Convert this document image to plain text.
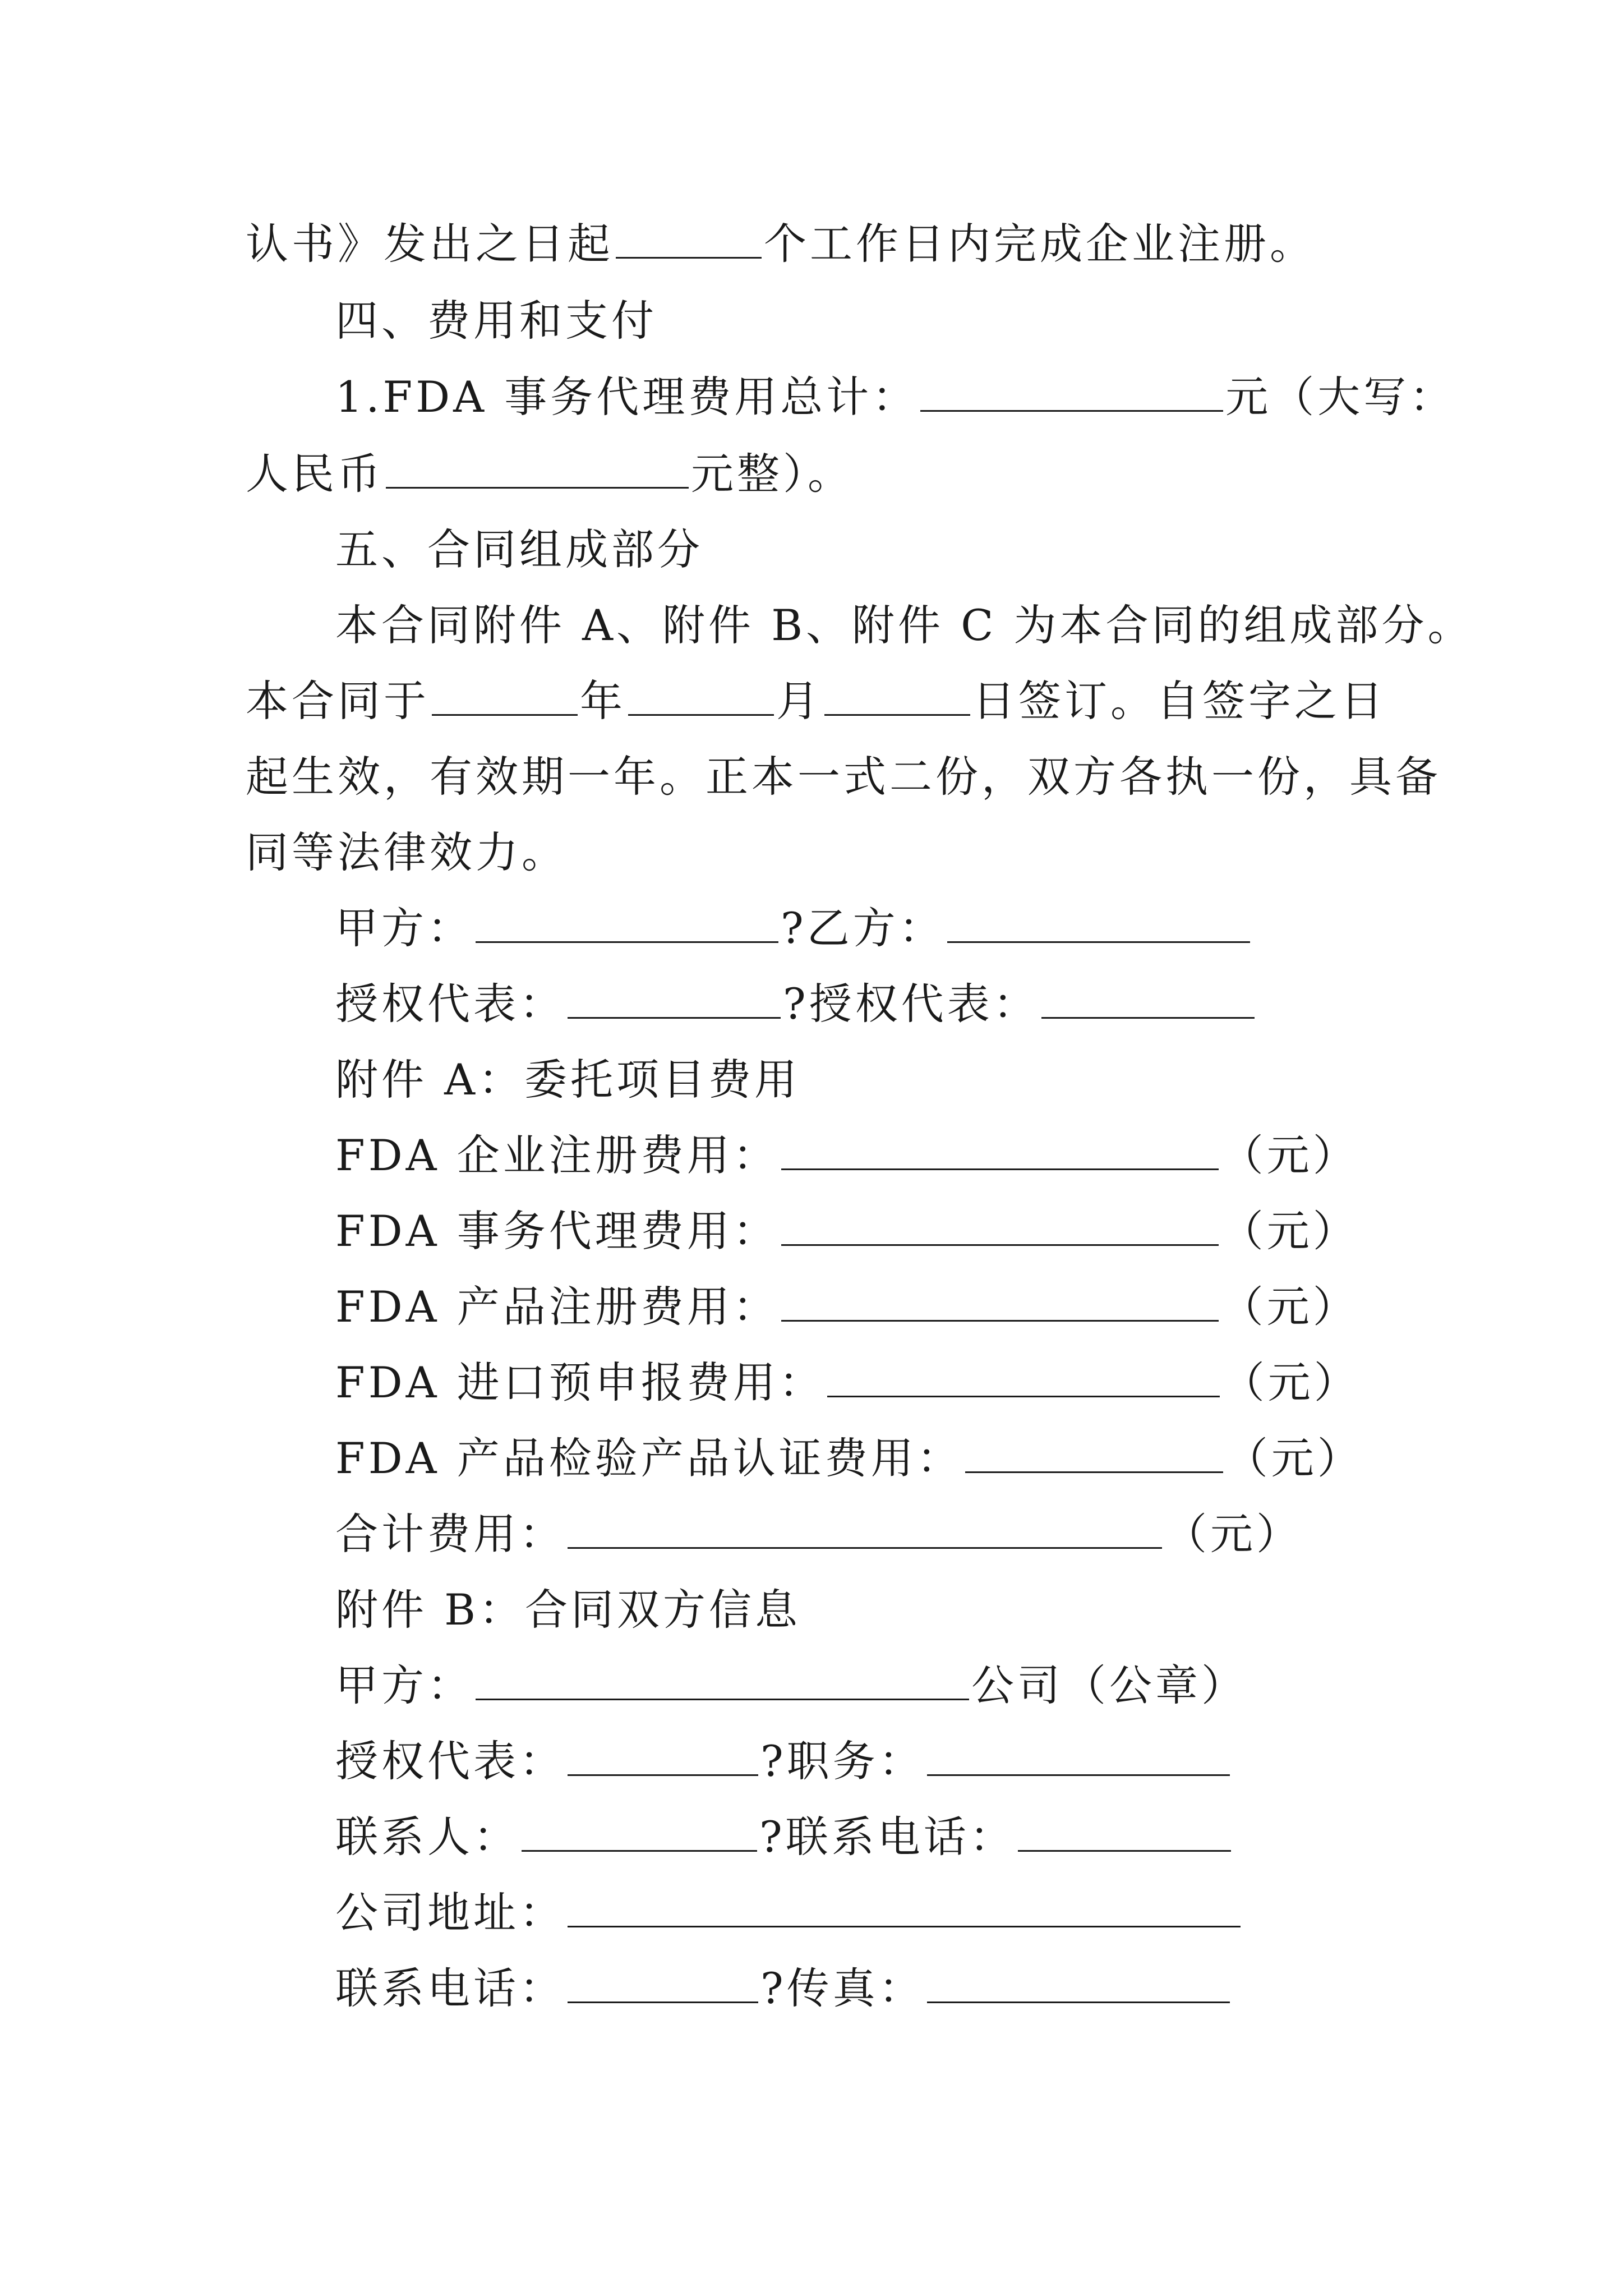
认书》发出之日起	个工作日内完成企业注册。
四、费用和支付
1.FDA 事务代理费用总计：	元（大写：
人民币	元整）。
五、合同组成部分
本合同附件 A、附件 B、附件 C 为本合同的组成部分。
本合同于	年	月	日签订。自签字之日
起生效，有效期一年。正本一式二份，双方各执一份，具备
同等法律效力。
甲方：	?乙方：
授权代表：	?授权代表：
附件 A：委托项目费用
FDA 企业注册费用：	（元）
FDA 事务代理费用：	（元）
FDA 产品注册费用：	（元）
FDA 进口预申报费用：	（元）
FDA 产品检验产品认证费用：	（元）
合计费用：	（元）
附件 B：合同双方信息
甲方：	公司（公章）
授权代表：	?职务：
联系人：	?联系电话：
公司地址：
联系电话：	?传真：
